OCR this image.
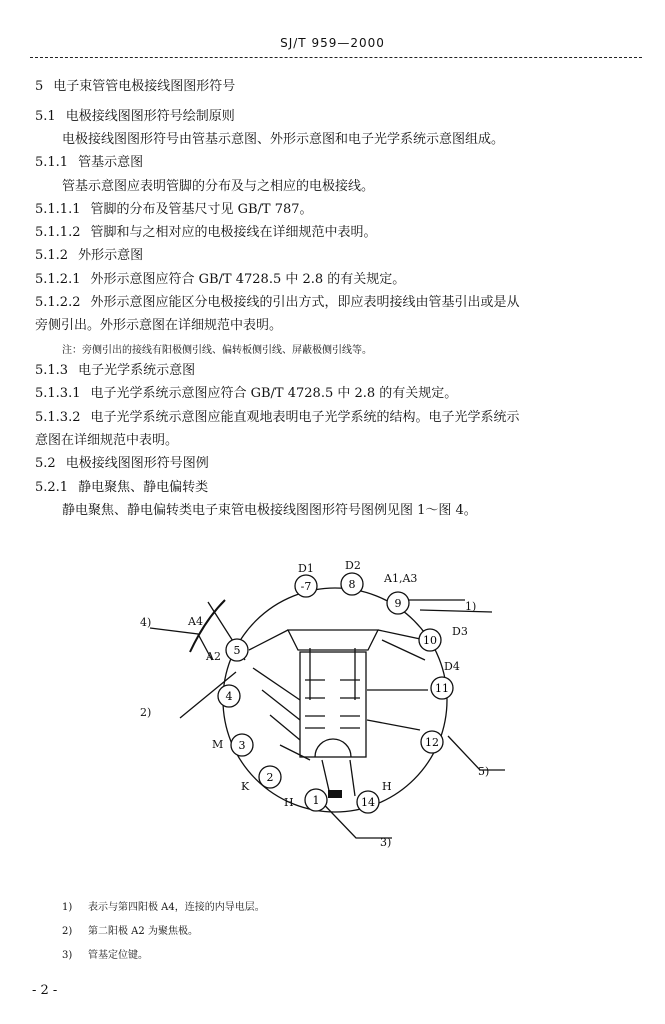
SJ/T 959—2000
5 电子束管管电极接线图图形符号
5.1 电极接线图图形符号绘制原则
电极接线图图形符号由管基示意图、外形示意图和电子光学系统示意图组成。
5.1.1 管基示意图
管基示意图应表明管脚的分布及与之相应的电极接线。
5.1.1.1 管脚的分布及管基尺寸见 GB/T 787。
5.1.1.2 管脚和与之相对应的电极接线在详细规范中表明。
5.1.2 外形示意图
5.1.2.1 外形示意图应符合 GB/T 4728.5 中 2.8 的有关规定。
5.1.2.2 外形示意图应能区分电极接线的引出方式，即应表明接线由管基引出或是从
旁侧引出。外形示意图在详细规范中表明。
注：旁侧引出的接线有阳极侧引线、偏转板侧引线、屏蔽极侧引线等。
5.1.3 电子光学系统示意图
5.1.3.1 电子光学系统示意图应符合 GB/T 4728.5 中 2.8 的有关规定。
5.1.3.2 电子光学系统示意图应能直观地表明电子光学系统的结构。电子光学系统示
意图在详细规范中表明。
5.2 电极接线图图形符号图例
5.2.1 静电聚焦、静电偏转类
静电聚焦、静电偏转类电子束管电极接线图图形符号图例见图 1～图 4。
-7	8
9
10
11
12
14
1
2
3
4
5
D1	D2
A1,A3
D3
D4
A4
A2
M
K
H
H
1)
2)
3)
4)
5)
1) 表示与第四阳极 A4，连接的内导电层。
2) 第二阳极 A2 为聚焦极。
3) 管基定位键。
- 2 -
